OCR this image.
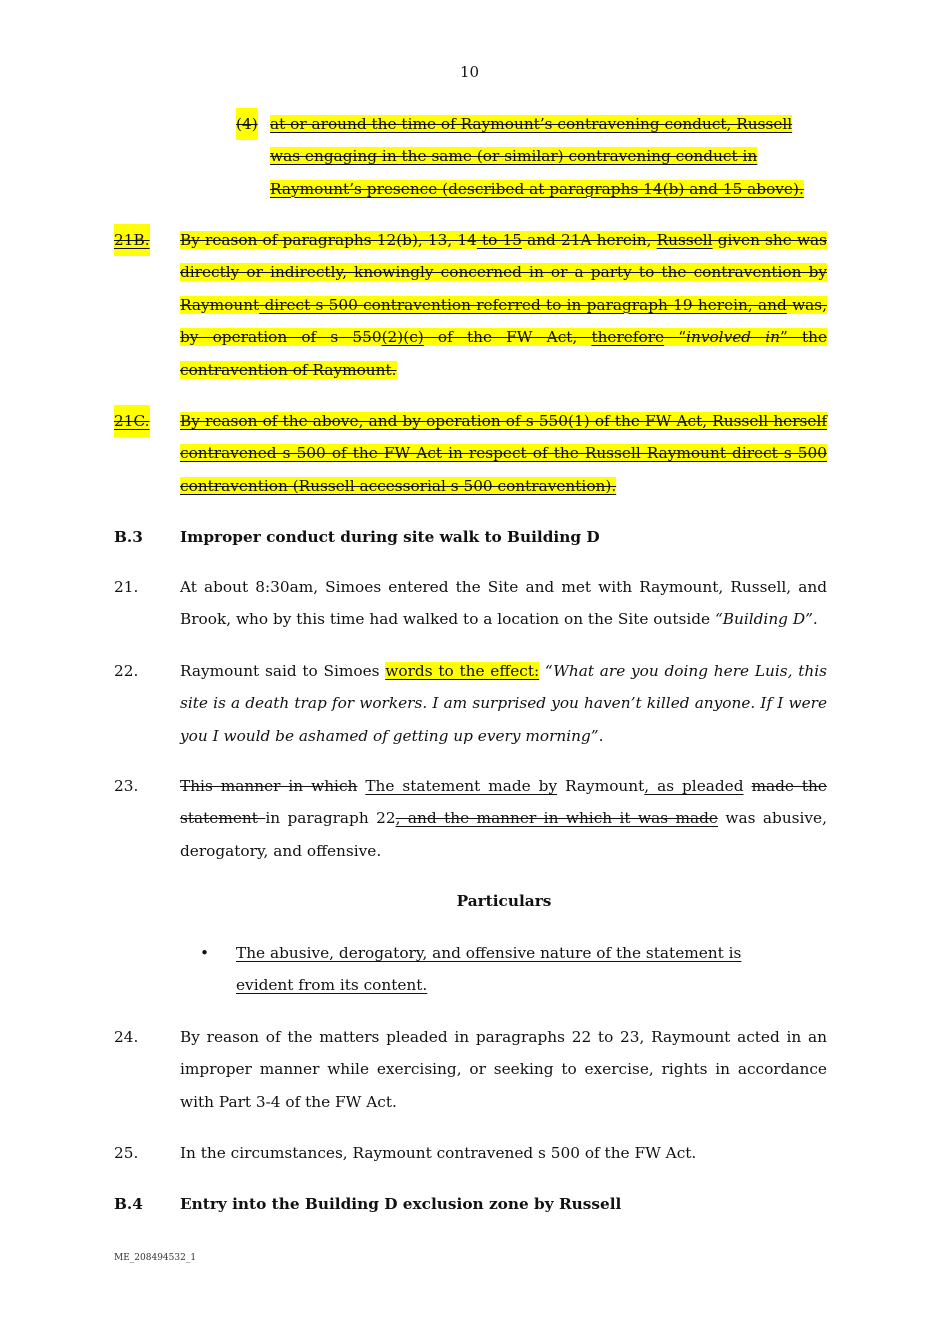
10
(4) at or around the time of Raymount’s contravening conduct, Russell was engaging in the same (or similar) contravening conduct in Raymount’s presence (described at paragraphs 14(b) and 15 above).
21B. By reason of paragraphs 12(b), 13, 14 to 15 and 21A herein, Russell given she was directly or indirectly, knowingly concerned in or a party to the contravention by Raymount direct s 500 contravention referred to in paragraph 19 herein, and was, by operation of s 550(2)(c) of the FW Act, therefore “involved in” the contravention of Raymount.
21C. By reason of the above, and by operation of s 550(1) of the FW Act, Russell herself contravened s 500 of the FW Act in respect of the Russell Raymount direct s 500 contravention (Russell accessorial s 500 contravention).
B.3 Improper conduct during site walk to Building D
21.	At about 8:30am, Simoes entered the Site and met with Raymount, Russell, and Brook, who by this time had walked to a location on the Site outside “Building D”.
22.	Raymount said to Simoes words to the effect: “What are you doing here Luis, this site is a death trap for workers. I am surprised you haven’t killed anyone. If I were you I would be ashamed of getting up every morning”.
23.	This manner in which The statement made by Raymount, as pleaded made the statement in paragraph 22, and the manner in which it was made was abusive, derogatory, and offensive.
Particulars
• The abusive, derogatory, and offensive nature of the statement is evident from its content.
24.	By reason of the matters pleaded in paragraphs 22 to 23, Raymount acted in an improper manner while exercising, or seeking to exercise, rights in accordance with Part 3-4 of the FW Act.
25.	In the circumstances, Raymount contravened s 500 of the FW Act.
B.4 Entry into the Building D exclusion zone by Russell
ME_208494532_1
